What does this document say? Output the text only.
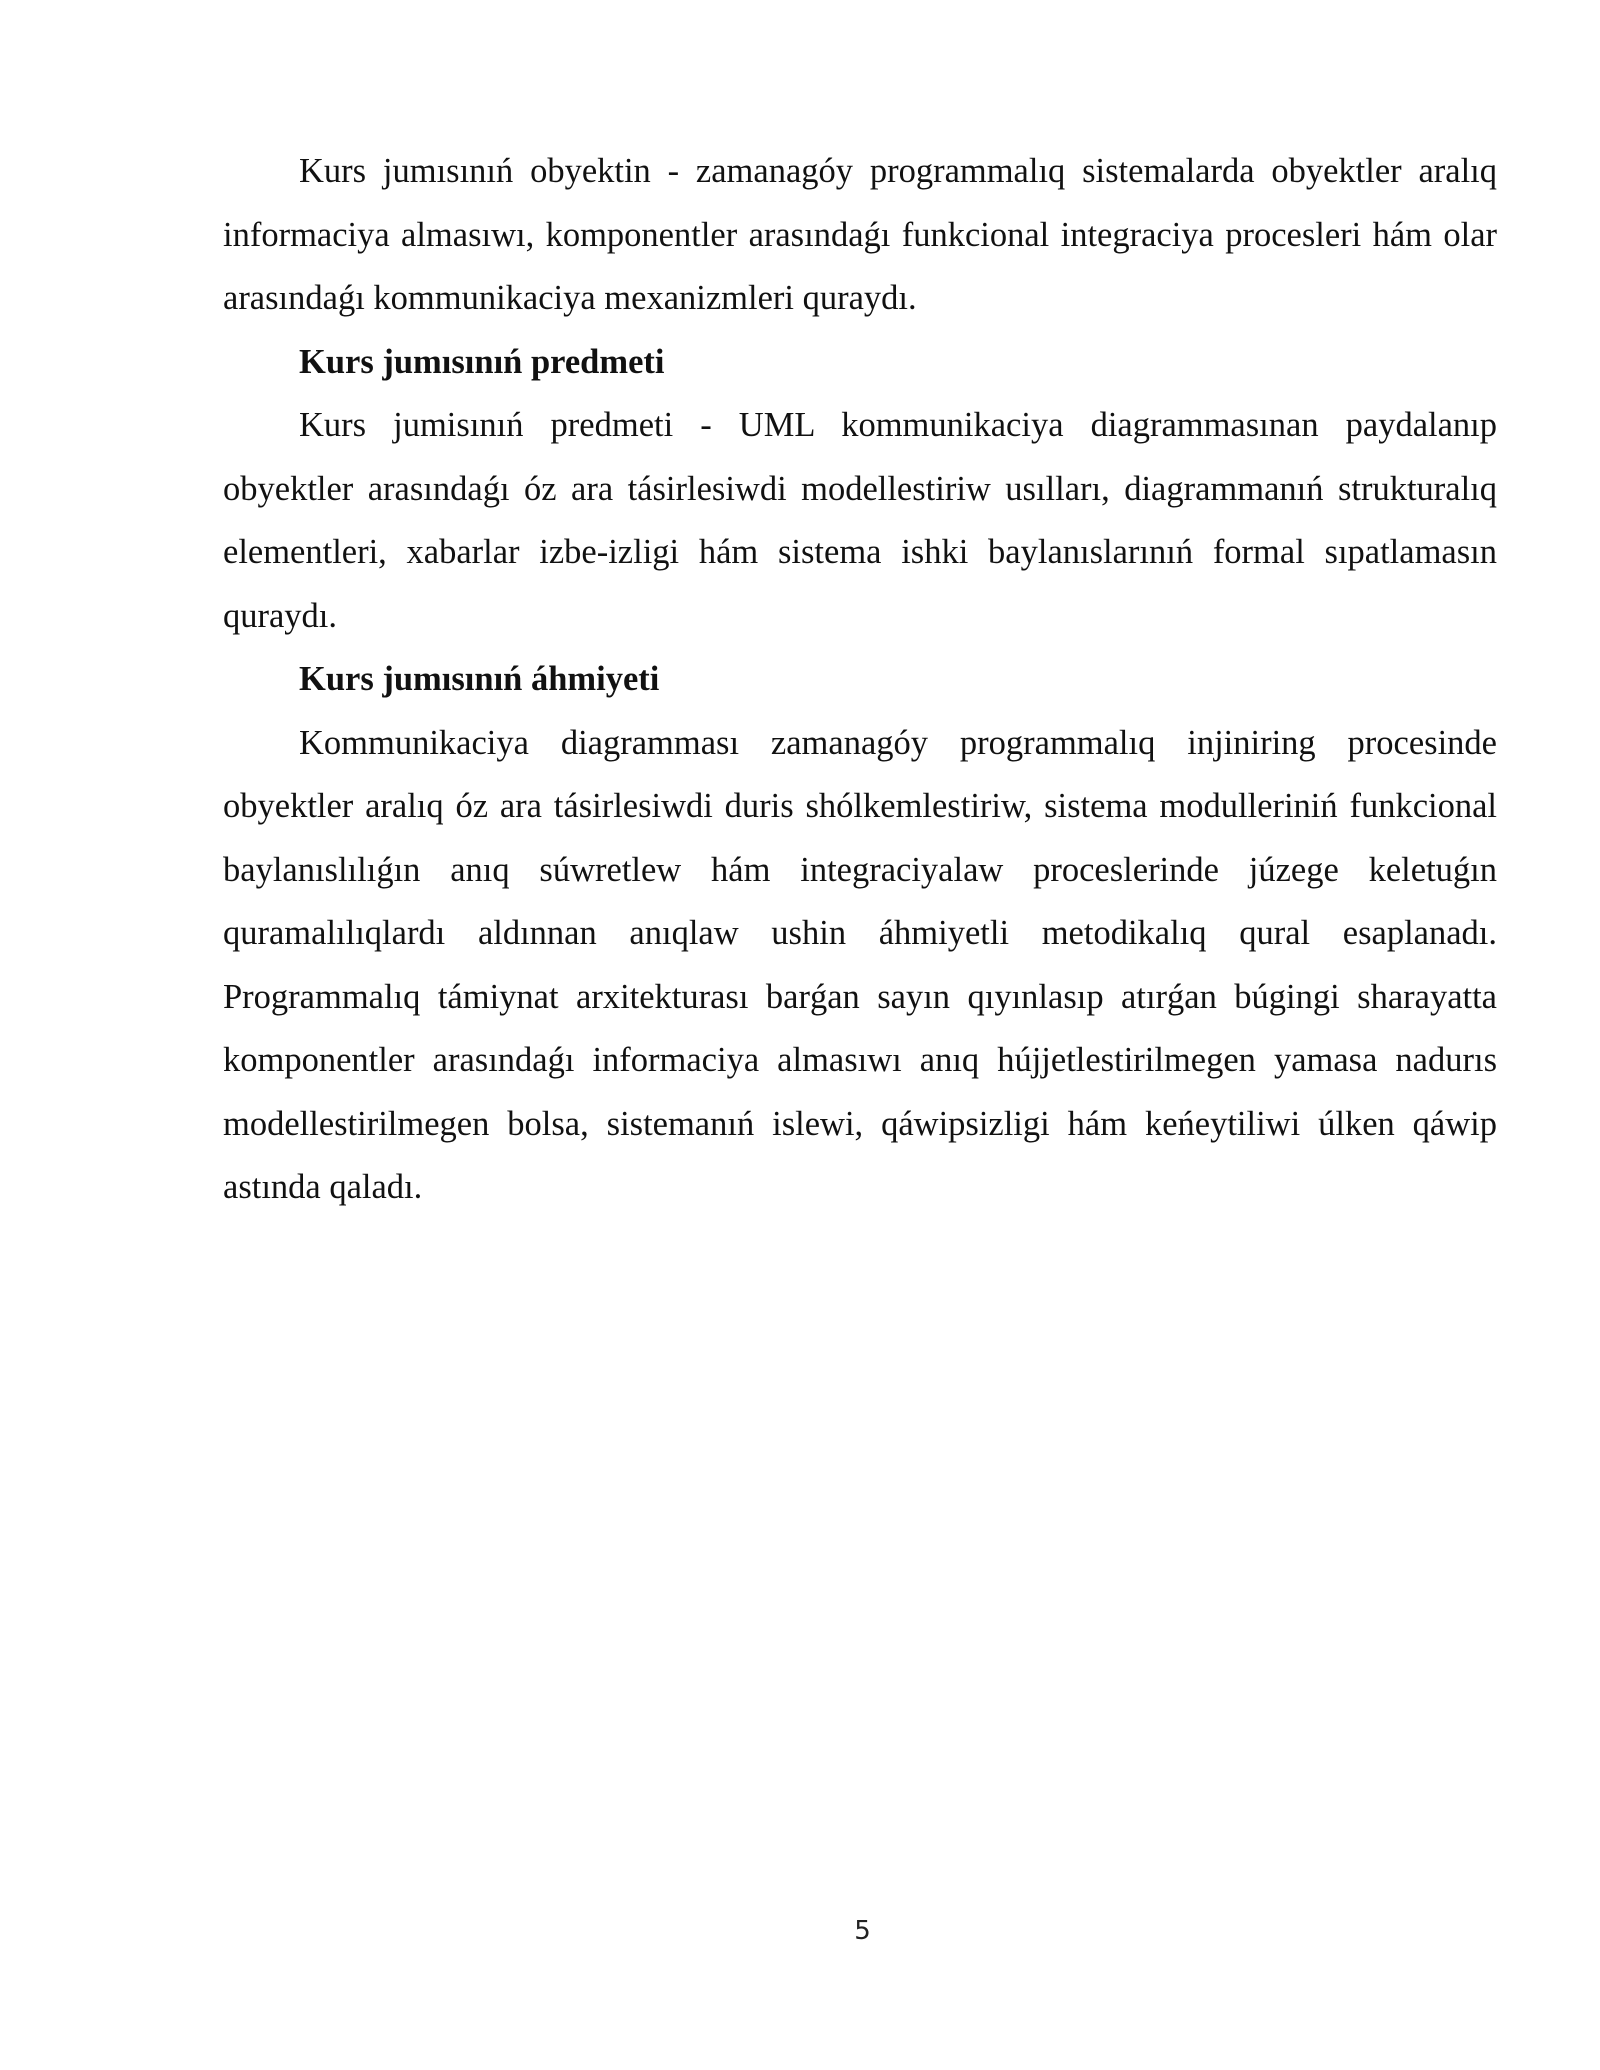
Kurs jumısınıń obyektin - zamanagóy programmalıq sistemalarda obyektler aralıq informaciya almasıwı, komponentler arasındaǵı funkcional integraciya procesleri hám olar arasındaǵı kommunikaciya mexanizmleri quraydı.

Kurs jumısınıń predmeti

Kurs jumisınıń predmeti - UML kommunikaciya diagrammasınan paydalanıp obyektler arasındaǵı óz ara tásirlesiwdi modellestiriw usılları, diagrammanıń strukturalıq elementleri, xabarlar izbe-izligi hám sistema ishki baylanıslarınıń formal sıpatlamasın quraydı.

Kurs jumısınıń áhmiyeti

Kommunikaciya diagramması zamanagóy programmalıq injiniring procesinde obyektler aralıq óz ara tásirlesiwdi duris shólkemlestiriw, sistema modulleriniń funkcional baylanıslılıǵın anıq súwretlew hám integraciyalaw proceslerinde júzege keletuǵın quramalılıqlardı aldınnan anıqlaw ushin áhmiyetli metodikalıq qural esaplanadı. Programmalıq támiynat arxitekturası barǵan sayın qıyınlasıp atırǵan búgingi sharayatta komponentler arasındaǵı informaciya almasıwı anıq hújjetlestirilmegen yamasa nadurıs modellestirilmegen bolsa, sistemanıń islewi, qáwipsizligi hám keńeytiliwi úlken qáwip astında qaladı.

5
